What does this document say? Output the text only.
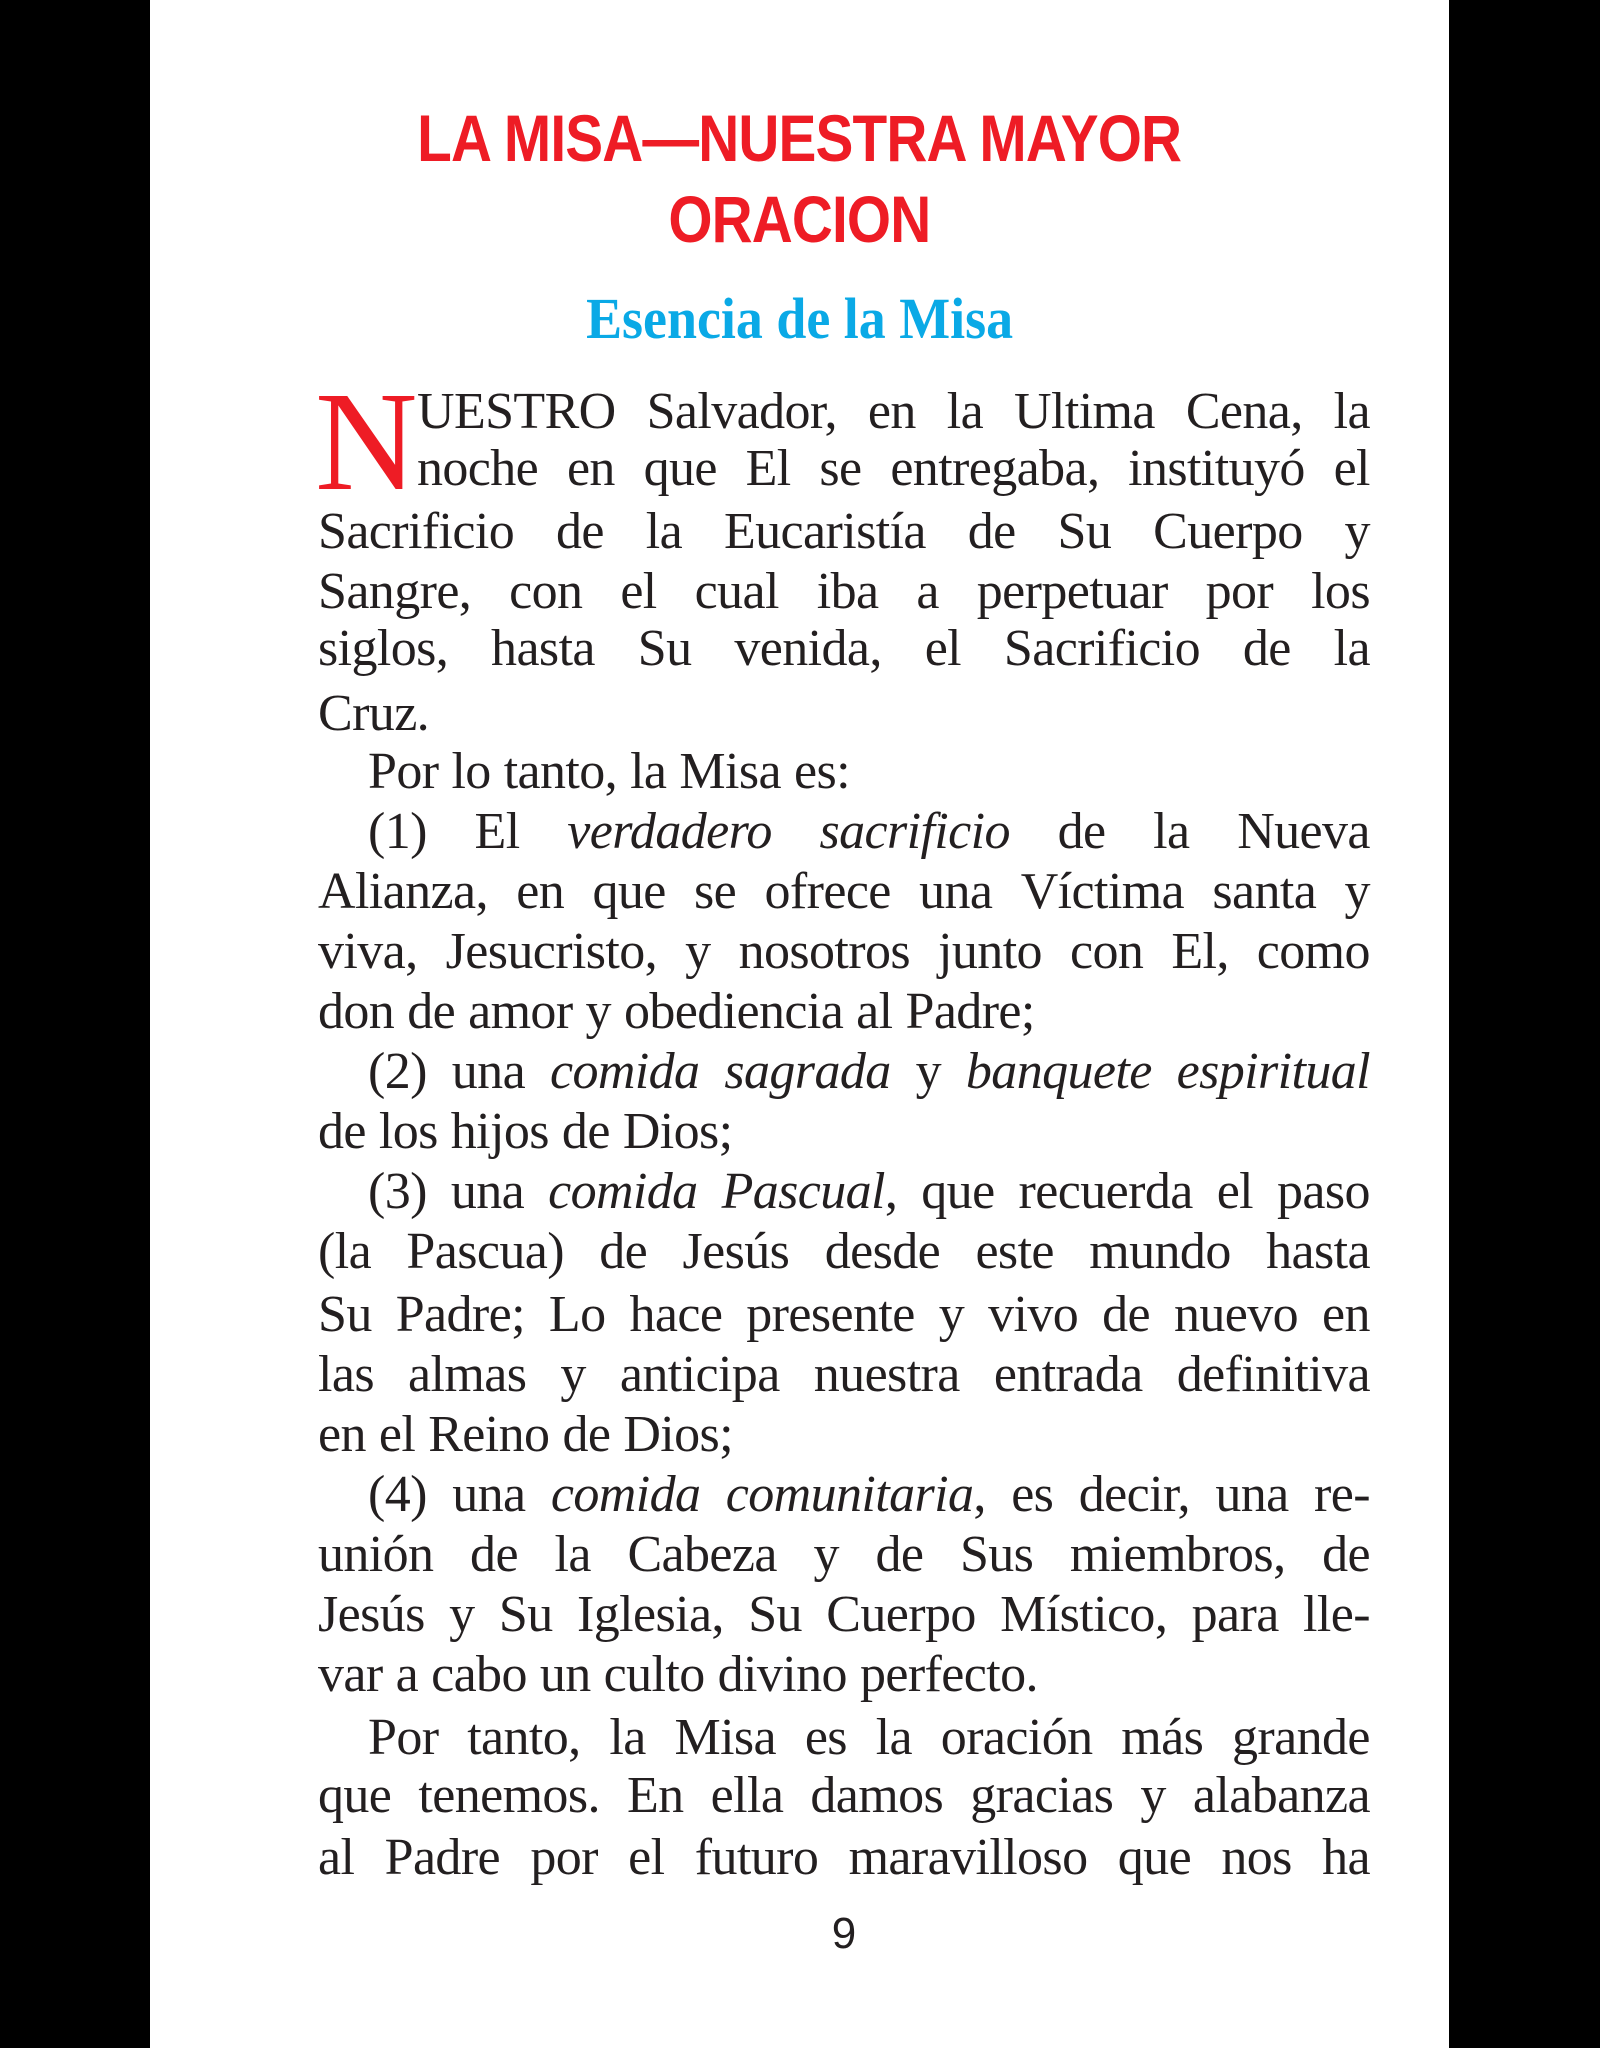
LA MISA—NUESTRA MAYOR
ORACION
Esencia de la Misa
N UESTRO Salvador, en la Ultima Cena, la
noche en que El se entregaba, instituyó el
Sacrificio de la Eucaristía de Su Cuerpo y
Sangre, con el cual iba a perpetuar por los
siglos, hasta Su venida, el Sacrificio de la
Cruz.
Por lo tanto, la Misa es:
(1) El verdadero sacrificio de la Nueva
Alianza, en que se ofrece una Víctima santa y
viva, Jesucristo, y nosotros junto con El, como
don de amor y obediencia al Padre;
(2) una comida sagrada y banquete espiritual
de los hijos de Dios;
(3) una comida Pascual, que recuerda el paso
(la Pascua) de Jesús desde este mundo hasta
Su Padre; Lo hace presente y vivo de nuevo en
las almas y anticipa nuestra entrada definitiva
en el Reino de Dios;
(4) una comida comunitaria, es decir, una re-
unión de la Cabeza y de Sus miembros, de
Jesús y Su Iglesia, Su Cuerpo Místico, para lle-
var a cabo un culto divino perfecto.
Por tanto, la Misa es la oración más grande
que tenemos. En ella damos gracias y alabanza
al Padre por el futuro maravilloso que nos ha
9
